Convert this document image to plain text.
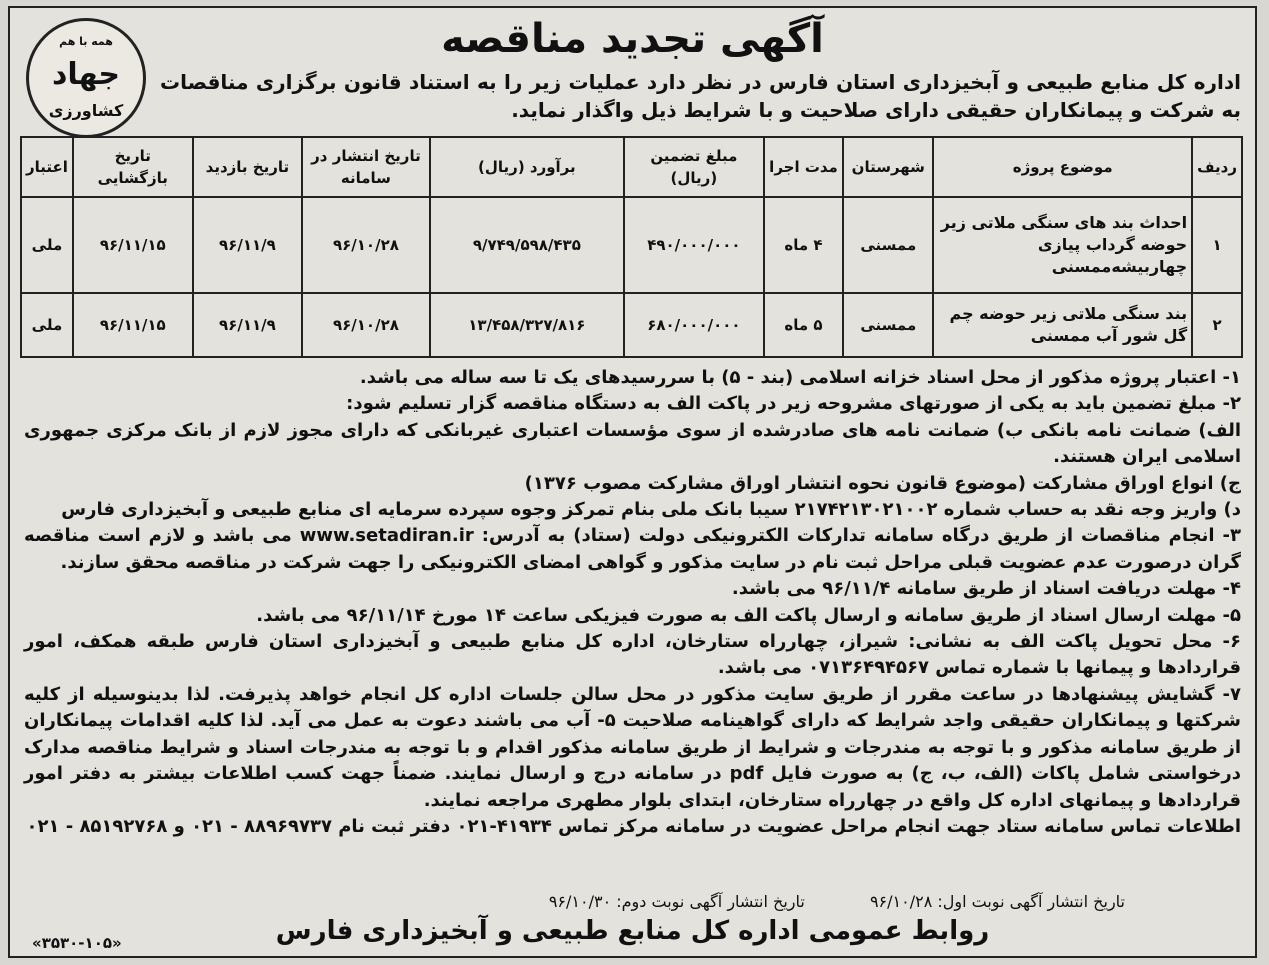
همه با هم
جهاد
کشاورزی
آگهی تجدید مناقصه
اداره کل منابع طبیعی و آبخیزداری استان فارس در نظر دارد عملیات زیر را به استناد قانون برگزاری مناقصات به شرکت و پیمانکاران حقیقی دارای صلاحیت و با شرایط ذیل واگذار نماید.
ردیف	موضوع پروژه	شهرستان	مدت اجرا	مبلغ تضمین (ریال)	برآورد (ریال)	تاریخ انتشار در سامانه	تاریخ بازدید	تاریخ بازگشایی	اعتبار
۱	احداث بند های سنگی ملاتی زیر حوضه گرداب پیازی چهاربیشه‌ممسنی	ممسنی	۴ ماه	۴۹۰/۰۰۰/۰۰۰	۹/۷۴۹/۵۹۸/۴۳۵	۹۶/۱۰/۲۸	۹۶/۱۱/۹	۹۶/۱۱/۱۵	ملی
۲	بند سنگی ملاتی زیر حوضه چم گل شور آب ممسنی	ممسنی	۵ ماه	۶۸۰/۰۰۰/۰۰۰	۱۳/۴۵۸/۳۲۷/۸۱۶	۹۶/۱۰/۲۸	۹۶/۱۱/۹	۹۶/۱۱/۱۵	ملی
۱- اعتبار پروژه مذکور از محل اسناد خزانه اسلامی (بند - ۵) با سررسیدهای یک تا سه ساله می باشد.
۲- مبلغ تضمین باید به یکی از صورتهای مشروحه زیر در پاکت الف به دستگاه مناقصه گزار تسلیم شود:
الف) ضمانت نامه بانکی ب) ضمانت نامه های صادرشده از سوی مؤسسات اعتباری غیربانکی که دارای مجوز لازم از بانک مرکزی جمهوری اسلامی ایران هستند.
ج) انواع اوراق مشارکت (موضوع قانون نحوه انتشار اوراق مشارکت مصوب ۱۳۷۶)
د) واریز وجه نقد به حساب شماره ۲۱۷۴۲۱۳۰۲۱۰۰۲ سیبا بانک ملی بنام تمرکز وجوه سپرده سرمایه ای منابع طبیعی و آبخیزداری فارس
۳- انجام مناقصات از طریق درگاه سامانه تدارکات الکترونیکی دولت (ستاد) به آدرس: www.setadiran.ir می باشد و لازم است مناقصه گران درصورت عدم عضویت قبلی مراحل ثبت نام در سایت مذکور و گواهی امضای الکترونیکی را جهت شرکت در مناقصه محقق سازند.
۴- مهلت دریافت اسناد از طریق سامانه ۹۶/۱۱/۴ می باشد.
۵- مهلت ارسال اسناد از طریق سامانه و ارسال پاکت الف به صورت فیزیکی ساعت ۱۴ مورخ ۹۶/۱۱/۱۴ می باشد.
۶- محل تحویل پاکت الف به نشانی: شیراز، چهارراه ستارخان، اداره کل منابع طبیعی و آبخیزداری استان فارس طبقه همکف، امور قراردادها و پیمانها با شماره تماس ۰۷۱۳۶۴۹۴۵۶۷ می باشد.
۷- گشایش پیشنهادها در ساعت مقرر از طریق سایت مذکور در محل سالن جلسات اداره کل انجام خواهد پذیرفت. لذا بدینوسیله از کلیه شرکتها و پیمانکاران حقیقی واجد شرایط که دارای گواهینامه صلاحیت ۵- آب می باشند دعوت به عمل می آید. لذا کلیه اقدامات پیمانکاران از طریق سامانه مذکور و با توجه به مندرجات و شرایط از طریق سامانه مذکور اقدام و با توجه به مندرجات اسناد و شرایط مناقصه مدارک درخواستی شامل پاکات (الف، ب، ج) به صورت فایل pdf در سامانه درج و ارسال نمایند. ضمناً جهت کسب اطلاعات بیشتر به دفتر امور قراردادها و پیمانهای اداره کل واقع در چهارراه ستارخان، ابتدای بلوار مطهری مراجعه نمایند.
اطلاعات تماس سامانه ستاد جهت انجام مراحل عضویت در سامانه مرکز تماس ۴۱۹۳۴-۰۲۱ دفتر ثبت نام ۸۸۹۶۹۷۳۷ - ۰۲۱ و ۸۵۱۹۲۷۶۸ - ۰۲۱
تاریخ انتشار آگهی نوبت اول: ۹۶/۱۰/۲۸ تاریخ انتشار آگهی نوبت دوم: ۹۶/۱۰/۳۰
روابط عمومی اداره کل منابع طبیعی و آبخیزداری فارس
«۳۵۳۰-۱۰۵»
